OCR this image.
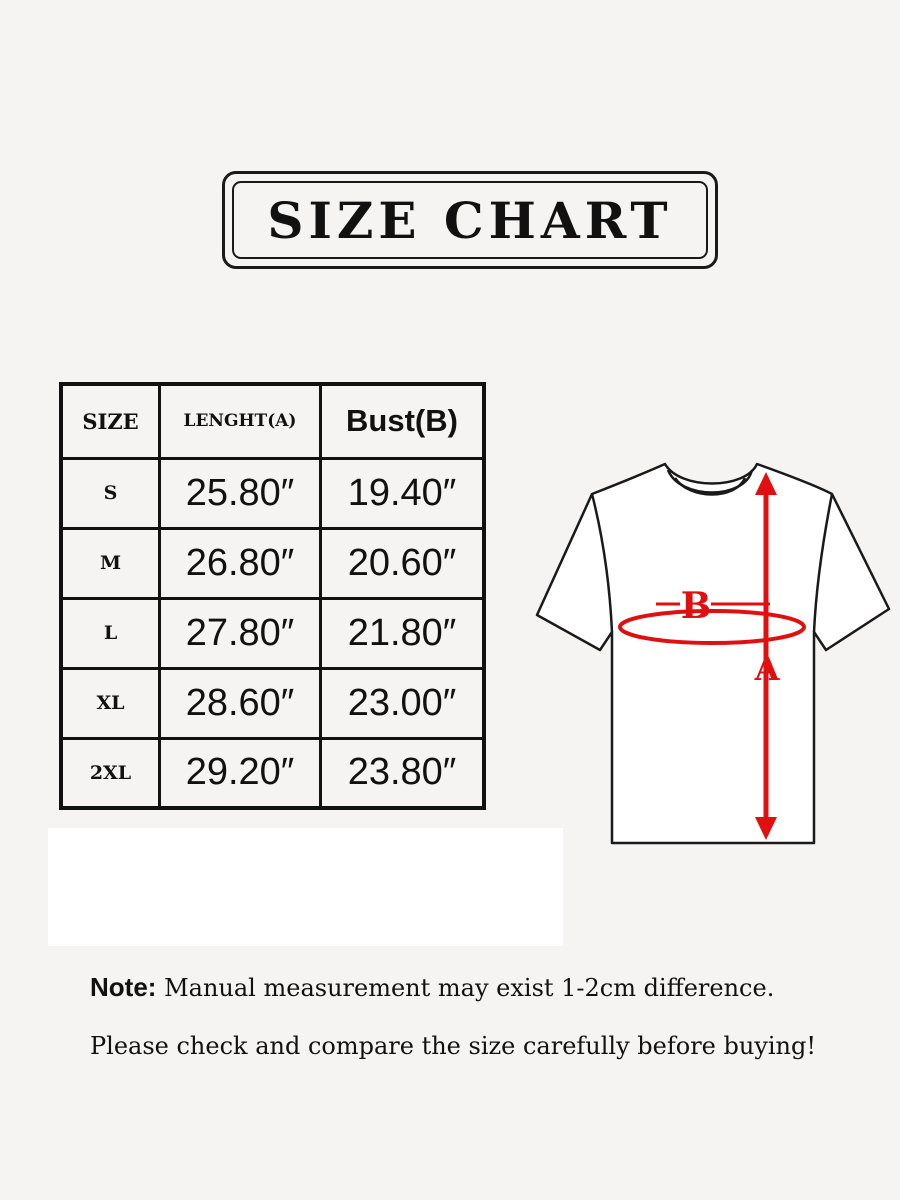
SIZE CHART
SIZE	LENGHT(A)	Bust(B)
S	25.80″	19.40″
M	26.80″	20.60″
L	27.80″	21.80″
XL	28.60″	23.00″
2XL	29.20″	23.80″
B
A
Note: Manual measurement may exist 1-2cm difference.
Please check and compare the size carefully before buying!
